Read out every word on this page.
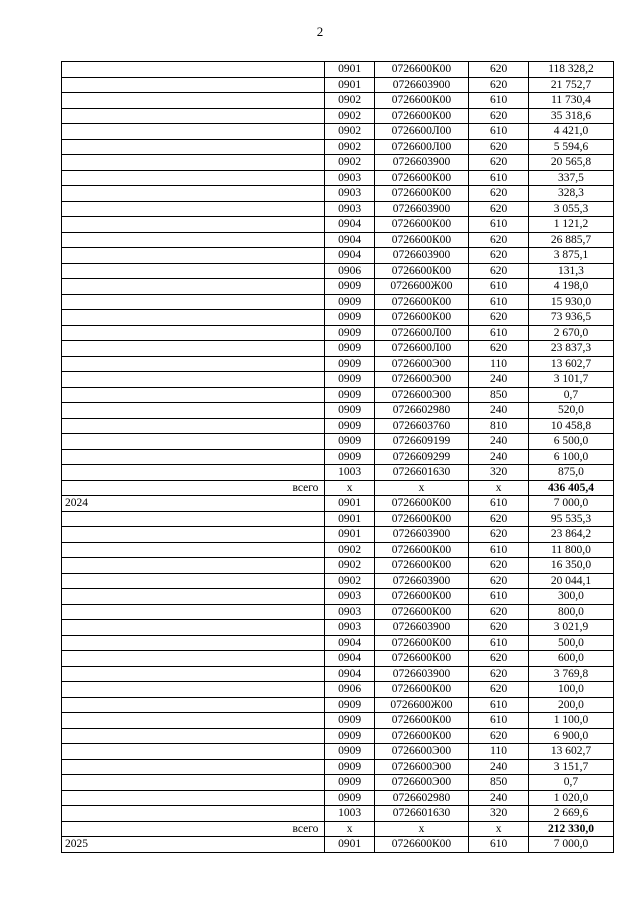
2
	0901	0726600К00	620	118 328,2
	0901	0726603900	620	21 752,7
	0902	0726600К00	610	11 730,4
	0902	0726600К00	620	35 318,6
	0902	0726600Л00	610	4 421,0
	0902	0726600Л00	620	5 594,6
	0902	0726603900	620	20 565,8
	0903	0726600К00	610	337,5
	0903	0726600К00	620	328,3
	0903	0726603900	620	3 055,3
	0904	0726600К00	610	1 121,2
	0904	0726600К00	620	26 885,7
	0904	0726603900	620	3 875,1
	0906	0726600К00	620	131,3
	0909	0726600Ж00	610	4 198,0
	0909	0726600К00	610	15 930,0
	0909	0726600К00	620	73 936,5
	0909	0726600Л00	610	2 670,0
	0909	0726600Л00	620	23 837,3
	0909	0726600Э00	110	13 602,7
	0909	0726600Э00	240	3 101,7
	0909	0726600Э00	850	0,7
	0909	0726602980	240	520,0
	0909	0726603760	810	10 458,8
	0909	0726609199	240	6 500,0
	0909	0726609299	240	6 100,0
	1003	0726601630	320	875,0
всего	x	x	x	436 405,4
2024	0901	0726600К00	610	7 000,0
	0901	0726600К00	620	95 535,3
	0901	0726603900	620	23 864,2
	0902	0726600К00	610	11 800,0
	0902	0726600К00	620	16 350,0
	0902	0726603900	620	20 044,1
	0903	0726600К00	610	300,0
	0903	0726600К00	620	800,0
	0903	0726603900	620	3 021,9
	0904	0726600К00	610	500,0
	0904	0726600К00	620	600,0
	0904	0726603900	620	3 769,8
	0906	0726600К00	620	100,0
	0909	0726600Ж00	610	200,0
	0909	0726600К00	610	1 100,0
	0909	0726600К00	620	6 900,0
	0909	0726600Э00	110	13 602,7
	0909	0726600Э00	240	3 151,7
	0909	0726600Э00	850	0,7
	0909	0726602980	240	1 020,0
	1003	0726601630	320	2 669,6
всего	x	x	x	212 330,0
2025	0901	0726600К00	610	7 000,0
